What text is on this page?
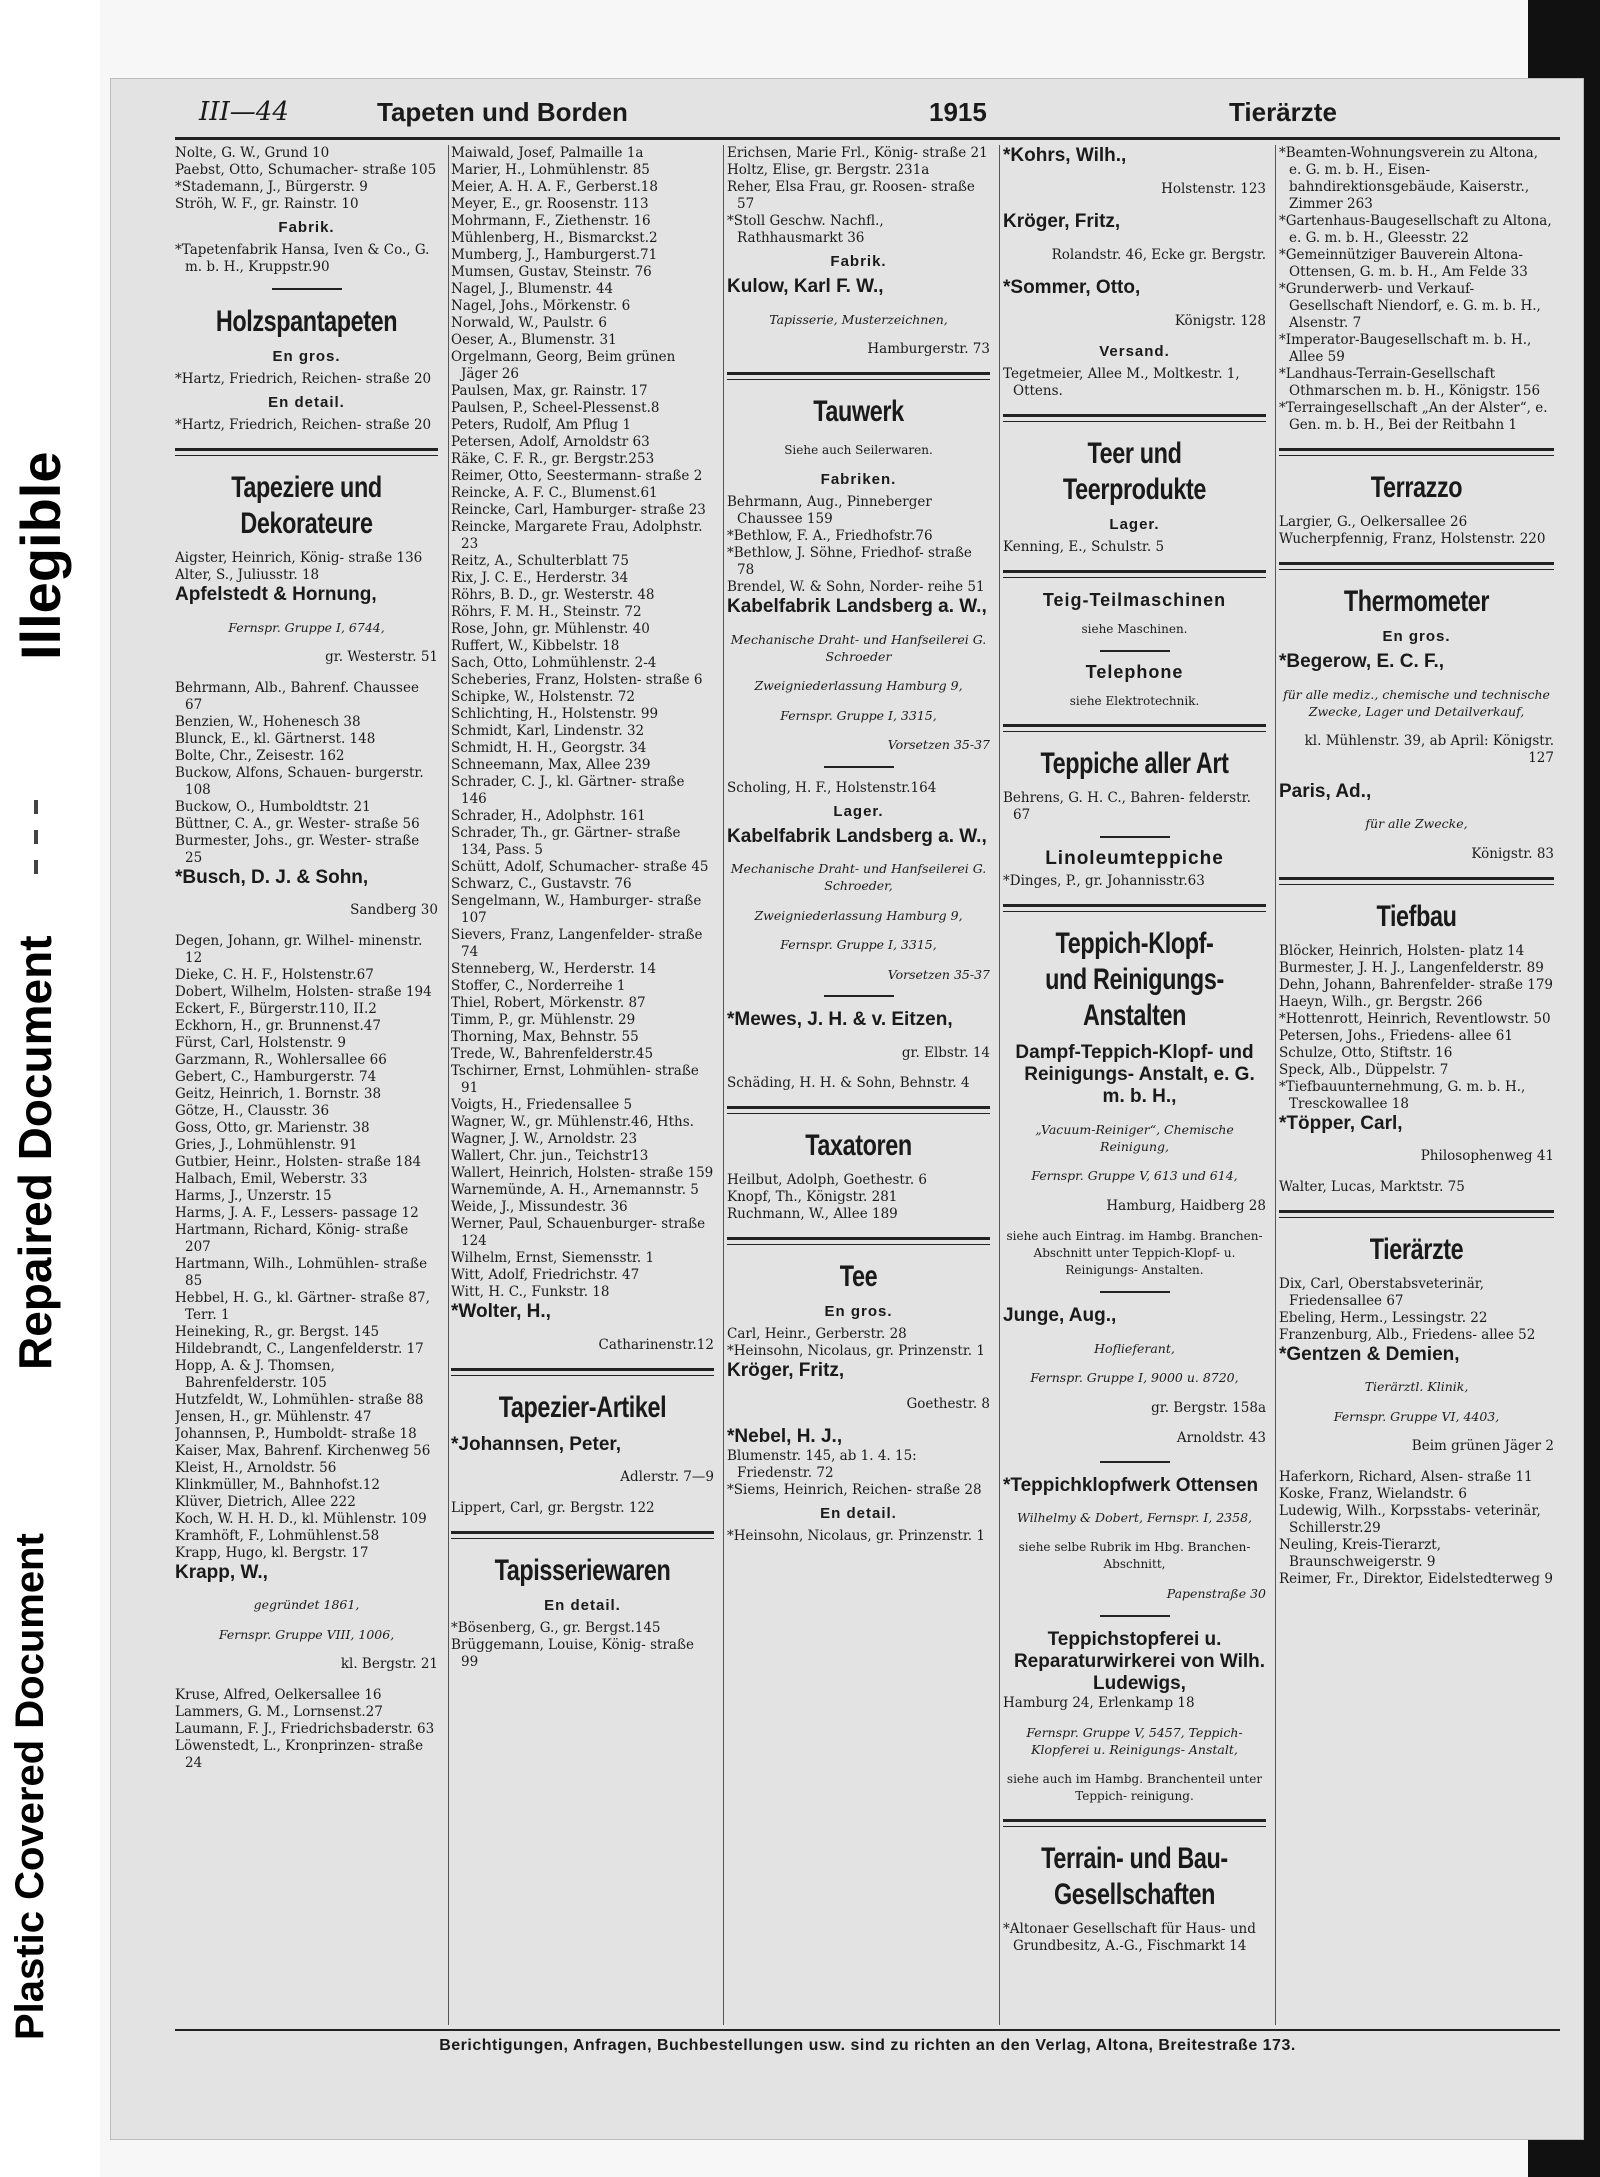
Illegible
Repaired Document
Plastic Covered Document
III—44	Tapeten und Borden	1915	Tierärzte

Nolte, G. W., Grund 10

Paebst, Otto, Schumacher- straße 105

*Stademann, J., Bürgerstr. 9

Ströh, W. F., gr. Rainstr. 10

Fabrik.

*Tapetenfabrik Hansa, Iven & Co., G. m. b. H., Kruppstr.90

Holzspantapeten
En gros.

*Hartz, Friedrich, Reichen- straße 20

En detail.

*Hartz, Friedrich, Reichen- straße 20

Tapeziere und Dekorateure

Aigster, Heinrich, König- straße 136

Alter, S., Juliusstr. 18

Apfelstedt & Hornung,

Fernspr. Gruppe I, 6744,

gr. Westerstr. 51

Behrmann, Alb., Bahrenf. Chaussee 67

Benzien, W., Hohenesch 38

Blunck, E., kl. Gärtnerst. 148

Bolte, Chr., Zeisestr. 162

Buckow, Alfons, Schauen- burgerstr. 108

Buckow, O., Humboldtstr. 21

Büttner, C. A., gr. Wester- straße 56

Burmester, Johs., gr. Wester- straße 25

*Busch, D. J. & Sohn,

Sandberg 30

Degen, Johann, gr. Wilhel- minenstr. 12

Dieke, C. H. F., Holstenstr.67

Dobert, Wilhelm, Holsten- straße 194

Eckert, F., Bürgerstr.110, II.2

Eckhorn, H., gr. Brunnenst.47

Fürst, Carl, Holstenstr. 9

Garzmann, R., Wohlersallee 66

Gebert, C., Hamburgerstr. 74

Geitz, Heinrich, 1. Bornstr. 38

Götze, H., Clausstr. 36

Goss, Otto, gr. Marienstr. 38

Gries, J., Lohmühlenstr. 91

Gutbier, Heinr., Holsten- straße 184

Halbach, Emil, Weberstr. 33

Harms, J., Unzerstr. 15

Harms, J. A. F., Lessers- passage 12

Hartmann, Richard, König- straße 207

Hartmann, Wilh., Lohmühlen- straße 85

Hebbel, H. G., kl. Gärtner- straße 87, Terr. 1

Heineking, R., gr. Bergst. 145

Hildebrandt, C., Langenfelderstr. 17

Hopp, A. & J. Thomsen, Bahrenfelderstr. 105

Hutzfeldt, W., Lohmühlen- straße 88

Jensen, H., gr. Mühlenstr. 47

Johannsen, P., Humboldt- straße 18

Kaiser, Max, Bahrenf. Kirchenweg 56

Kleist, H., Arnoldstr. 56

Klinkmüller, M., Bahnhofst.12

Klüver, Dietrich, Allee 222

Koch, W. H. H. D., kl. Mühlenstr. 109

Kramhöft, F., Lohmühlenst.58

Krapp, Hugo, kl. Bergstr. 17

Krapp, W.,

gegründet 1861,

Fernspr. Gruppe VIII, 1006,

kl. Bergstr. 21

Kruse, Alfred, Oelkersallee 16

Lammers, G. M., Lornsenst.27

Laumann, F. J., Friedrichsbaderstr. 63

Löwenstedt, L., Kronprinzen- straße 24

Maiwald, Josef, Palmaille 1a

Marier, H., Lohmühlenstr. 85

Meier, A. H. A. F., Gerberst.18

Meyer, E., gr. Roosenstr. 113

Mohrmann, F., Ziethenstr. 16

Mühlenberg, H., Bismarckst.2

Mumberg, J., Hamburgerst.71

Mumsen, Gustav, Steinstr. 76

Nagel, J., Blumenstr. 44

Nagel, Johs., Mörkenstr. 6

Norwald, W., Paulstr. 6

Oeser, A., Blumenstr. 31

Orgelmann, Georg, Beim grünen Jäger 26

Paulsen, Max, gr. Rainstr. 17

Paulsen, P., Scheel-Plessenst.8

Peters, Rudolf, Am Pflug 1

Petersen, Adolf, Arnoldstr 63

Räke, C. F. R., gr. Bergstr.253

Reimer, Otto, Seestermann- straße 2

Reincke, A. F. C., Blumenst.61

Reincke, Carl, Hamburger- straße 23

Reincke, Margarete Frau, Adolphstr. 23

Reitz, A., Schulterblatt 75

Rix, J. C. E., Herderstr. 34

Röhrs, B. D., gr. Westerstr. 48

Röhrs, F. M. H., Steinstr. 72

Rose, John, gr. Mühlenstr. 40

Ruffert, W., Kibbelstr. 18

Sach, Otto, Lohmühlenstr. 2-4

Scheberies, Franz, Holsten- straße 6

Schipke, W., Holstenstr. 72

Schlichting, H., Holstenstr. 99

Schmidt, Karl, Lindenstr. 32

Schmidt, H. H., Georgstr. 34

Schneemann, Max, Allee 239

Schrader, C. J., kl. Gärtner- straße 146

Schrader, H., Adolphstr. 161

Schrader, Th., gr. Gärtner- straße 134, Pass. 5

Schütt, Adolf, Schumacher- straße 45

Schwarz, C., Gustavstr. 76

Sengelmann, W., Hamburger- straße 107

Sievers, Franz, Langenfelder- straße 74

Stenneberg, W., Herderstr. 14

Stoffer, C., Norderreihe 1

Thiel, Robert, Mörkenstr. 87

Timm, P., gr. Mühlenstr. 29

Thorning, Max, Behnstr. 55

Trede, W., Bahrenfelderstr.45

Tschirner, Ernst, Lohmühlen- straße 91

Voigts, H., Friedensallee 5

Wagner, W., gr. Mühlenstr.46, Hths.

Wagner, J. W., Arnoldstr. 23

Wallert, Chr. jun., Teichstr13

Wallert, Heinrich, Holsten- straße 159

Warnemünde, A. H., Arnemannstr. 5

Weide, J., Missundestr. 36

Werner, Paul, Schauenburger- straße 124

Wilhelm, Ernst, Siemensstr. 1

Witt, Adolf, Friedrichstr. 47

Witt, H. C., Funkstr. 18

*Wolter, H.,

Catharinenstr.12

Tapezier-Artikel

*Johannsen, Peter,

Adlerstr. 7—9

Lippert, Carl, gr. Bergstr. 122

Tapisseriewaren
En detail.

*Bösenberg, G., gr. Bergst.145

Brüggemann, Louise, König- straße 99

Erichsen, Marie Frl., König- straße 21

Holtz, Elise, gr. Bergstr. 231a

Reher, Elsa Frau, gr. Roosen- straße 57

*Stoll Geschw. Nachfl., Rathhausmarkt 36

Fabrik.

Kulow, Karl F. W.,

Tapisserie, Musterzeichnen,

Hamburgerstr. 73

Tauwerk

Siehe auch Seilerwaren.

Fabriken.

Behrmann, Aug., Pinneberger Chaussee 159

*Bethlow, F. A., Friedhofstr.76

*Bethlow, J. Söhne, Friedhof- straße 78

Brendel, W. & Sohn, Norder- reihe 51

Kabelfabrik Landsberg a. W.,

Mechanische Draht- und Hanfseilerei G. Schroeder

Zweigniederlassung Hamburg 9,

Fernspr. Gruppe I, 3315,

Vorsetzen 35-37

Scholing, H. F., Holstenstr.164

Lager.

Kabelfabrik Landsberg a. W.,

Mechanische Draht- und Hanfseilerei G. Schroeder,

Zweigniederlassung Hamburg 9,

Fernspr. Gruppe I, 3315,

Vorsetzen 35-37

*Mewes, J. H. & v. Eitzen,

gr. Elbstr. 14

Schäding, H. H. & Sohn, Behnstr. 4

Taxatoren

Heilbut, Adolph, Goethestr. 6

Knopf, Th., Königstr. 281

Ruchmann, W., Allee 189

Tee
En gros.

Carl, Heinr., Gerberstr. 28

*Heinsohn, Nicolaus, gr. Prinzenstr. 1

Kröger, Fritz,

Goethestr. 8

*Nebel, H. J.,

Blumenstr. 145, ab 1. 4. 15: Friedenstr. 72

*Siems, Heinrich, Reichen- straße 28

En detail.

*Heinsohn, Nicolaus, gr. Prinzenstr. 1

*Kohrs, Wilh.,

Holstenstr. 123

Kröger, Fritz,

Rolandstr. 46, Ecke gr. Bergstr.

*Sommer, Otto,

Königstr. 128

Versand.

Tegetmeier, Allee M., Moltkestr. 1, Ottens.

Teer und Teerprodukte
Lager.

Kenning, E., Schulstr. 5

Teig-Teilmaschinen

siehe Maschinen.

Telephone

siehe Elektrotechnik.

Teppiche aller Art

Behrens, G. H. C., Bahren- felderstr. 67

Linoleumteppiche

*Dinges, P., gr. Johannisstr.63

Teppich-Klopf- und Reinigungs- Anstalten

Dampf-Teppich-Klopf- und Reinigungs- Anstalt, e. G. m. b. H.,

„Vacuum-Reiniger“, Chemische Reinigung,

Fernspr. Gruppe V, 613 und 614,

Hamburg, Haidberg 28

siehe auch Eintrag. im Hambg. Branchen-Abschnitt unter Teppich-Klopf- u. Reinigungs- Anstalten.

Junge, Aug.,

Hoflieferant,

Fernspr. Gruppe I, 9000 u. 8720,

gr. Bergstr. 158a

Arnoldstr. 43

*Teppichklopfwerk Ottensen

Wilhelmy & Dobert, Fernspr. I, 2358,

siehe selbe Rubrik im Hbg. Branchen-Abschnitt,

Papenstraße 30

Teppichstopferei u. Reparaturwirkerei von Wilh. Ludewigs,

Hamburg 24, Erlenkamp 18

Fernspr. Gruppe V, 5457, Teppich-Klopferei u. Reinigungs- Anstalt,

siehe auch im Hambg. Branchenteil unter Teppich- reinigung.

Terrain- und Bau- Gesellschaften

*Altonaer Gesellschaft für Haus- und Grundbesitz, A.-G., Fischmarkt 14

*Beamten-Wohnungsverein zu Altona, e. G. m. b. H., Eisen- bahndirektionsgebäude, Kaiserstr., Zimmer 263

*Gartenhaus-Baugesellschaft zu Altona, e. G. m. b. H., Gleesstr. 22

*Gemeinnütziger Bauverein Altona-Ottensen, G. m. b. H., Am Felde 33

*Grunderwerb- und Verkauf- Gesellschaft Niendorf, e. G. m. b. H., Alsenstr. 7

*Imperator-Baugesellschaft m. b. H., Allee 59

*Landhaus-Terrain-Gesellschaft Othmarschen m. b. H., Königstr. 156

*Terraingesellschaft „An der Alster“, e. Gen. m. b. H., Bei der Reitbahn 1

Terrazzo

Largier, G., Oelkersallee 26

Wucherpfennig, Franz, Holstenstr. 220

Thermometer
En gros.

*Begerow, E. C. F.,

für alle mediz., chemische und technische Zwecke, Lager und Detailverkauf,

kl. Mühlenstr. 39, ab April: Königstr. 127

Paris, Ad.,

für alle Zwecke,

Königstr. 83

Tiefbau

Blöcker, Heinrich, Holsten- platz 14

Burmester, J. H. J., Langenfelderstr. 89

Dehn, Johann, Bahrenfelder- straße 179

Haeyn, Wilh., gr. Bergstr. 266

*Hottenrott, Heinrich, Reventlowstr. 50

Petersen, Johs., Friedens- allee 61

Schulze, Otto, Stiftstr. 16

Speck, Alb., Düppelstr. 7

*Tiefbauunternehmung, G. m. b. H., Tresckowallee 18

*Töpper, Carl,

Philosophenweg 41

Walter, Lucas, Marktstr. 75

Tierärzte

Dix, Carl, Oberstabsveterinär, Friedensallee 67

Ebeling, Herm., Lessingstr. 22

Franzenburg, Alb., Friedens- allee 52

*Gentzen & Demien,

Tierärztl. Klinik,

Fernspr. Gruppe VI, 4403,

Beim grünen Jäger 2

Haferkorn, Richard, Alsen- straße 11

Koske, Franz, Wielandstr. 6

Ludewig, Wilh., Korpsstabs- veterinär, Schillerstr.29

Neuling, Kreis-Tierarzt, Braunschweigerstr. 9

Reimer, Fr., Direktor, Eidelstedterweg 9

Berichtigungen, Anfragen, Buchbestellungen usw. sind zu richten an den Verlag, Altona, Breitestraße 173.
